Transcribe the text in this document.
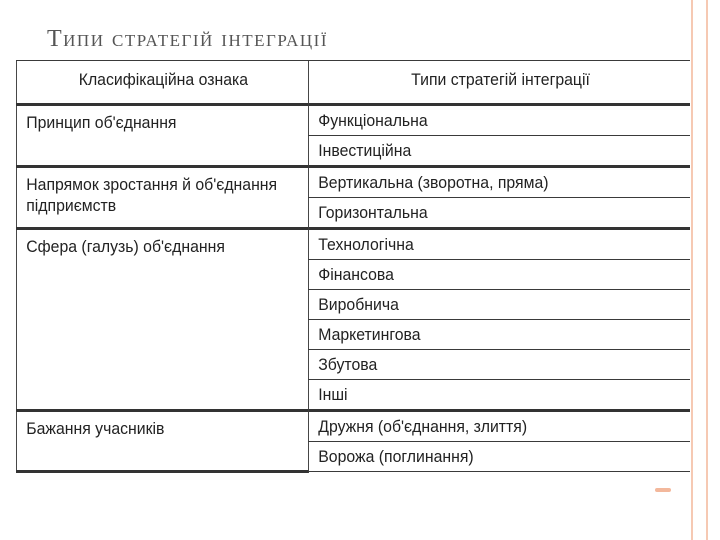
Типи стратегій інтеграції
Класифікаційна ознака	Типи стратегій інтеграції
Принцип об'єднання	Функціональна
	Інвестиційна
Напрямок зростання й об'єднання підприємств	Вертикальна (зворотна, пряма)
	Горизонтальна
Сфера (галузь) об'єднання	Технологічна
	Фінансова
	Виробнича
	Маркетингова
	Збутова
	Інші
Бажання учасників	Дружня (об'єднання, злиття)
	Ворожа (поглинання)
